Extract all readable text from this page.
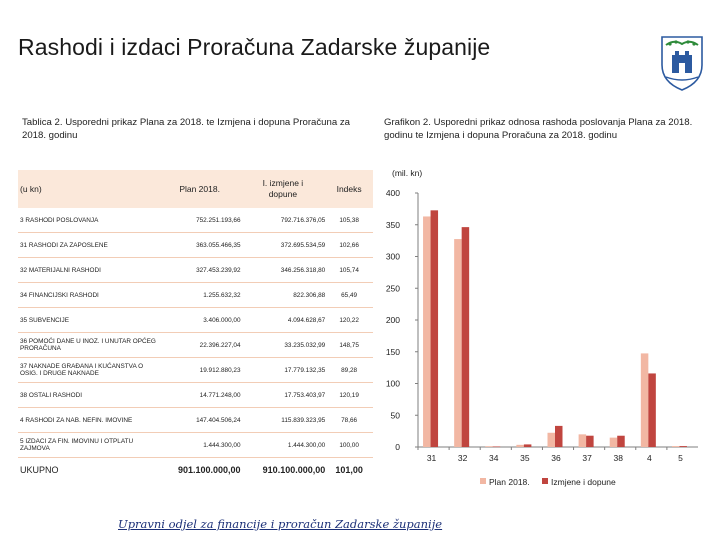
Rashodi i izdaci Proračuna Zadarske županije
Tablica 2. Usporedni prikaz Plana za 2018. te Izmjena i dopuna Proračuna za 2018. godinu
Grafikon 2. Usporedni prikaz odnosa rashoda poslovanja Plana za 2018.
godinu te Izmjena i dopuna Proračuna za 2018. godinu
(mil. kn)
(u kn)	Plan 2018.	I. izmjene i dopune	Indeks
3 RASHODI POSLOVANJA	752.251.193,66	792.716.376,05	105,38
31 RASHODI ZA ZAPOSLENE	363.055.466,35	372.695.534,59	102,66
32 MATERIJALNI RASHODI	327.453.239,92	346.256.318,80	105,74
34 FINANCIJSKI RASHODI	1.255.632,32	822.306,88	65,49
35 SUBVENCIJE	3.406.000,00	4.094.628,67	120,22
36 POMOĆI DANE U INOZ. I UNUTAR OPĆEG PRORAČUNA	22.396.227,04	33.235.032,99	148,75
37 NAKNADE GRAĐANA I KUĆANSTVA O OSIG. I DRUGE NAKNADE	19.912.880,23	17.779.132,35	89,28
38 OSTALI RASHODI	14.771.248,00	17.753.403,97	120,19
4 RASHODI ZA NAB. NEFIN. IMOVINE	147.404.506,24	115.839.323,95	78,66
5 IZDACI ZA FIN. IMOVINU I OTPLATU ZAJMOVA	1.444.300,00	1.444.300,00	100,00
UKUPNO	901.100.000,00	910.100.000,00	101,00
0
50
100
150
200
250
300
350
400
31	32	34	35	36	37	38	4	5
Plan 2018.	Izmjene i dopune
Upravni odjel za financije i proračun Zadarske županije
